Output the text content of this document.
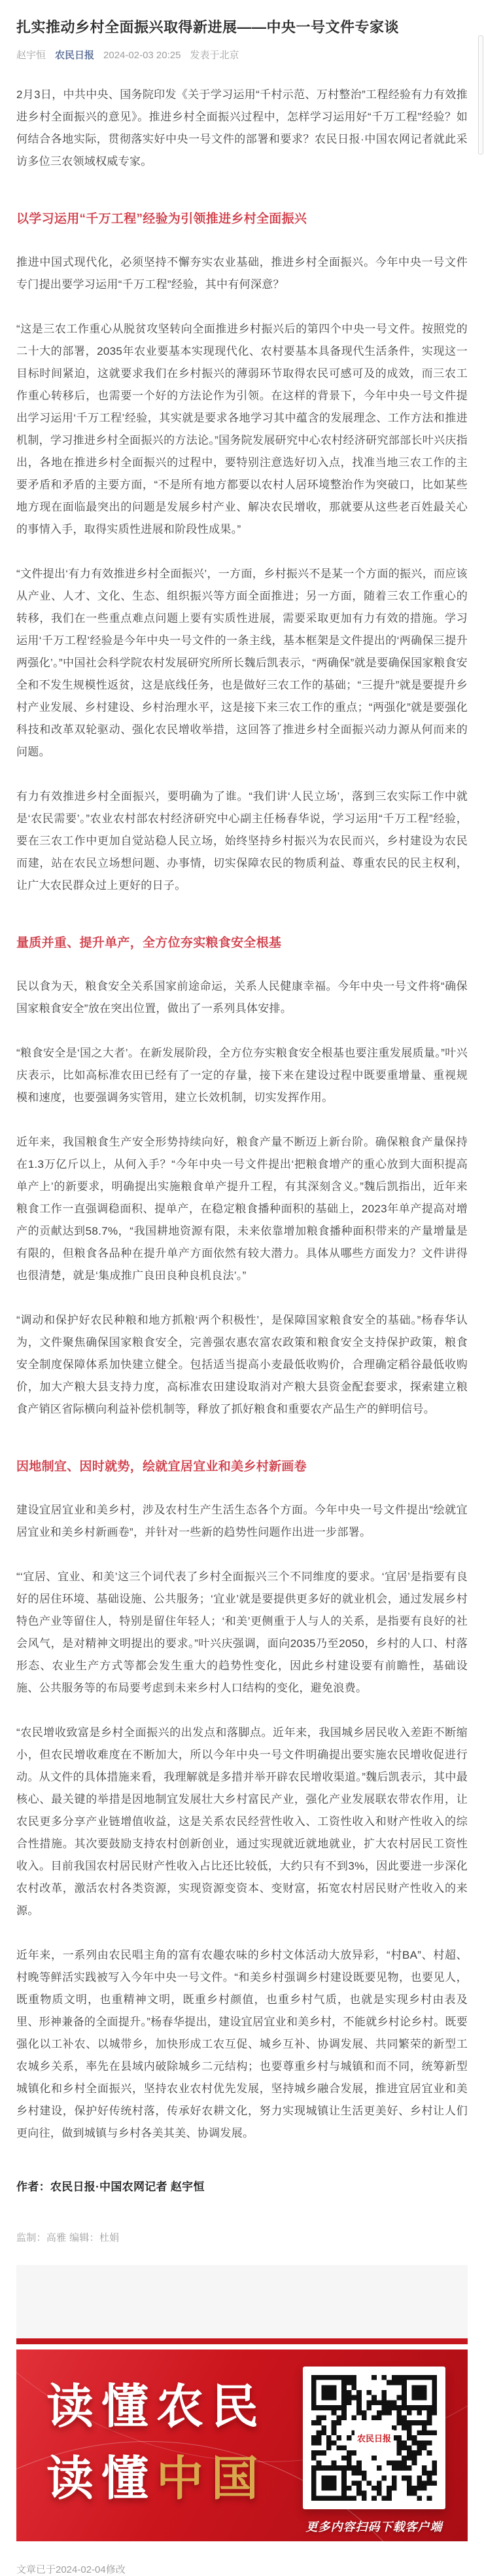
扎实推动乡村全面振兴取得新进展——中央一号文件专家谈
赵宇恒 农民日报 2024-02-03 20:25 发表于北京

2月3日，中共中央、国务院印发《关于学习运用“千村示范、万村整治”工程经验有力有效推进乡村全面振兴的意见》。推进乡村全面振兴过程中，怎样学习运用好“千万工程”经验？如何结合各地实际，贯彻落实好中央一号文件的部署和要求？农民日报·中国农网记者就此采访多位三农领域权威专家。

以学习运用“千万工程”经验为引领推进乡村全面振兴

推进中国式现代化，必须坚持不懈夯实农业基础，推进乡村全面振兴。今年中央一号文件专门提出要学习运用“千万工程”经验，其中有何深意？

“这是三农工作重心从脱贫攻坚转向全面推进乡村振兴后的第四个中央一号文件。按照党的二十大的部署，2035年农业要基本实现现代化、农村要基本具备现代生活条件，实现这一目标时间紧迫，这就要求我们在乡村振兴的薄弱环节取得农民可感可及的成效，而三农工作重心转移后，也需要一个好的方法论作为引领。在这样的背景下，今年中央一号文件提出学习运用‘千万工程’经验，其实就是要求各地学习其中蕴含的发展理念、工作方法和推进机制，学习推进乡村全面振兴的方法论。”国务院发展研究中心农村经济研究部部长叶兴庆指出，各地在推进乡村全面振兴的过程中，要特别注意选好切入点，找准当地三农工作的主要矛盾和矛盾的主要方面，“不是所有地方都要以农村人居环境整治作为突破口，比如某些地方现在面临最突出的问题是发展乡村产业、解决农民增收，那就要从这些老百姓最关心的事情入手，取得实质性进展和阶段性成果。”

“文件提出‘有力有效推进乡村全面振兴’，一方面，乡村振兴不是某一个方面的振兴，而应该从产业、人才、文化、生态、组织振兴等方面全面推进；另一方面，随着三农工作重心的转移，我们在一些重点难点问题上要有实质性进展，需要采取更加有力有效的措施。学习运用‘千万工程’经验是今年中央一号文件的一条主线，基本框架是文件提出的‘两确保三提升两强化’。”中国社会科学院农村发展研究所所长魏后凯表示，“两确保”就是要确保国家粮食安全和不发生规模性返贫，这是底线任务，也是做好三农工作的基础；“三提升”就是要提升乡村产业发展、乡村建设、乡村治理水平，这是接下来三农工作的重点；“两强化”就是要强化科技和改革双轮驱动、强化农民增收举措，这回答了推进乡村全面振兴动力源从何而来的问题。

有力有效推进乡村全面振兴，要明确为了谁。“我们讲‘人民立场’，落到三农实际工作中就是‘农民需要’。”农业农村部农村经济研究中心副主任杨春华说，学习运用“千万工程”经验，要在三农工作中更加自觉站稳人民立场，始终坚持乡村振兴为农民而兴，乡村建设为农民而建，站在农民立场想问题、办事情，切实保障农民的物质利益、尊重农民的民主权利，让广大农民群众过上更好的日子。

量质并重、提升单产，全方位夯实粮食安全根基

民以食为天，粮食安全关系国家前途命运，关系人民健康幸福。今年中央一号文件将“确保国家粮食安全”放在突出位置，做出了一系列具体安排。

“粮食安全是‘国之大者’。在新发展阶段，全方位夯实粮食安全根基也要注重发展质量。”叶兴庆表示，比如高标准农田已经有了一定的存量，接下来在建设过程中既要重增量、重视规模和速度，也要强调务实管用，建立长效机制，切实发挥作用。

近年来，我国粮食生产安全形势持续向好，粮食产量不断迈上新台阶。确保粮食产量保持在1.3万亿斤以上，从何入手？“今年中央一号文件提出‘把粮食增产的重心放到大面积提高单产上’的新要求，明确提出实施粮食单产提升工程，有其深刻含义。”魏后凯指出，近年来粮食工作一直强调稳面积、提单产，在稳定粮食播种面积的基础上，2023年单产提高对增产的贡献达到58.7%，“我国耕地资源有限，未来依靠增加粮食播种面积带来的产量增量是有限的，但粮食各品种在提升单产方面依然有较大潜力。具体从哪些方面发力？文件讲得也很清楚，就是‘集成推广良田良种良机良法’。”

“调动和保护好农民种粮和地方抓粮‘两个积极性’，是保障国家粮食安全的基础。”杨春华认为，文件聚焦确保国家粮食安全，完善强农惠农富农政策和粮食安全支持保护政策，粮食安全制度保障体系加快建立健全。包括适当提高小麦最低收购价，合理确定稻谷最低收购价，加大产粮大县支持力度，高标准农田建设取消对产粮大县资金配套要求，探索建立粮食产销区省际横向利益补偿机制等，释放了抓好粮食和重要农产品生产的鲜明信号。

因地制宜、因时就势，绘就宜居宜业和美乡村新画卷

建设宜居宜业和美乡村，涉及农村生产生活生态各个方面。今年中央一号文件提出“绘就宜居宜业和美乡村新画卷”，并针对一些新的趋势性问题作出进一步部署。

“‘宜居、宜业、和美’这三个词代表了乡村全面振兴三个不同维度的要求。‘宜居’是指要有良好的居住环境、基础设施、公共服务；‘宜业’就是要提供更多好的就业机会，通过发展乡村特色产业等留住人，特别是留住年轻人；‘和美’更侧重于人与人的关系，是指要有良好的社会风气，是对精神文明提出的要求。”叶兴庆强调，面向2035乃至2050，乡村的人口、村落形态、农业生产方式等都会发生重大的趋势性变化，因此乡村建设要有前瞻性，基础设施、公共服务等的布局要考虑到未来乡村人口结构的变化，避免浪费。

“农民增收致富是乡村全面振兴的出发点和落脚点。近年来，我国城乡居民收入差距不断缩小，但农民增收难度在不断加大，所以今年中央一号文件明确提出要实施农民增收促进行动。从文件的具体措施来看，我理解就是多措并举开辟农民增收渠道。”魏后凯表示，其中最核心、最关键的举措是因地制宜发展壮大乡村富民产业，强化产业发展联农带农作用，让农民更多分享产业链增值收益，这是关系农民经营性收入、工资性收入和财产性收入的综合性措施。其次要鼓励支持农村创新创业，通过实现就近就地就业，扩大农村居民工资性收入。目前我国农村居民财产性收入占比还比较低，大约只有不到3%，因此要进一步深化农村改革，激活农村各类资源，实现资源变资本、变财富，拓宽农村居民财产性收入的来源。

近年来，一系列由农民唱主角的富有农趣农味的乡村文体活动大放异彩，“村BA”、村超、村晚等鲜活实践被写入今年中央一号文件。“和美乡村强调乡村建设既要见物，也要见人，既重物质文明，也重精神文明，既重乡村颜值，也重乡村气质，也就是实现乡村由表及里、形神兼备的全面提升。”杨春华提出，建设宜居宜业和美乡村，不能就乡村论乡村。既要强化以工补农、以城带乡，加快形成工农互促、城乡互补、协调发展、共同繁荣的新型工农城乡关系，率先在县域内破除城乡二元结构；也要尊重乡村与城镇和而不同，统筹新型城镇化和乡村全面振兴，坚持农业农村优先发展，坚持城乡融合发展，推进宜居宜业和美乡村建设，保护好传统村落，传承好农耕文化，努力实现城镇让生活更美好、乡村让人们更向往，做到城镇与乡村各美其美、协调发展。

作者：农民日报·中国农网记者 赵宇恒

监制：高雅 编辑：杜娟

读懂农民
读懂中国
农民日报
更多内容扫码下载客户端
文章已于2024-02-04修改
